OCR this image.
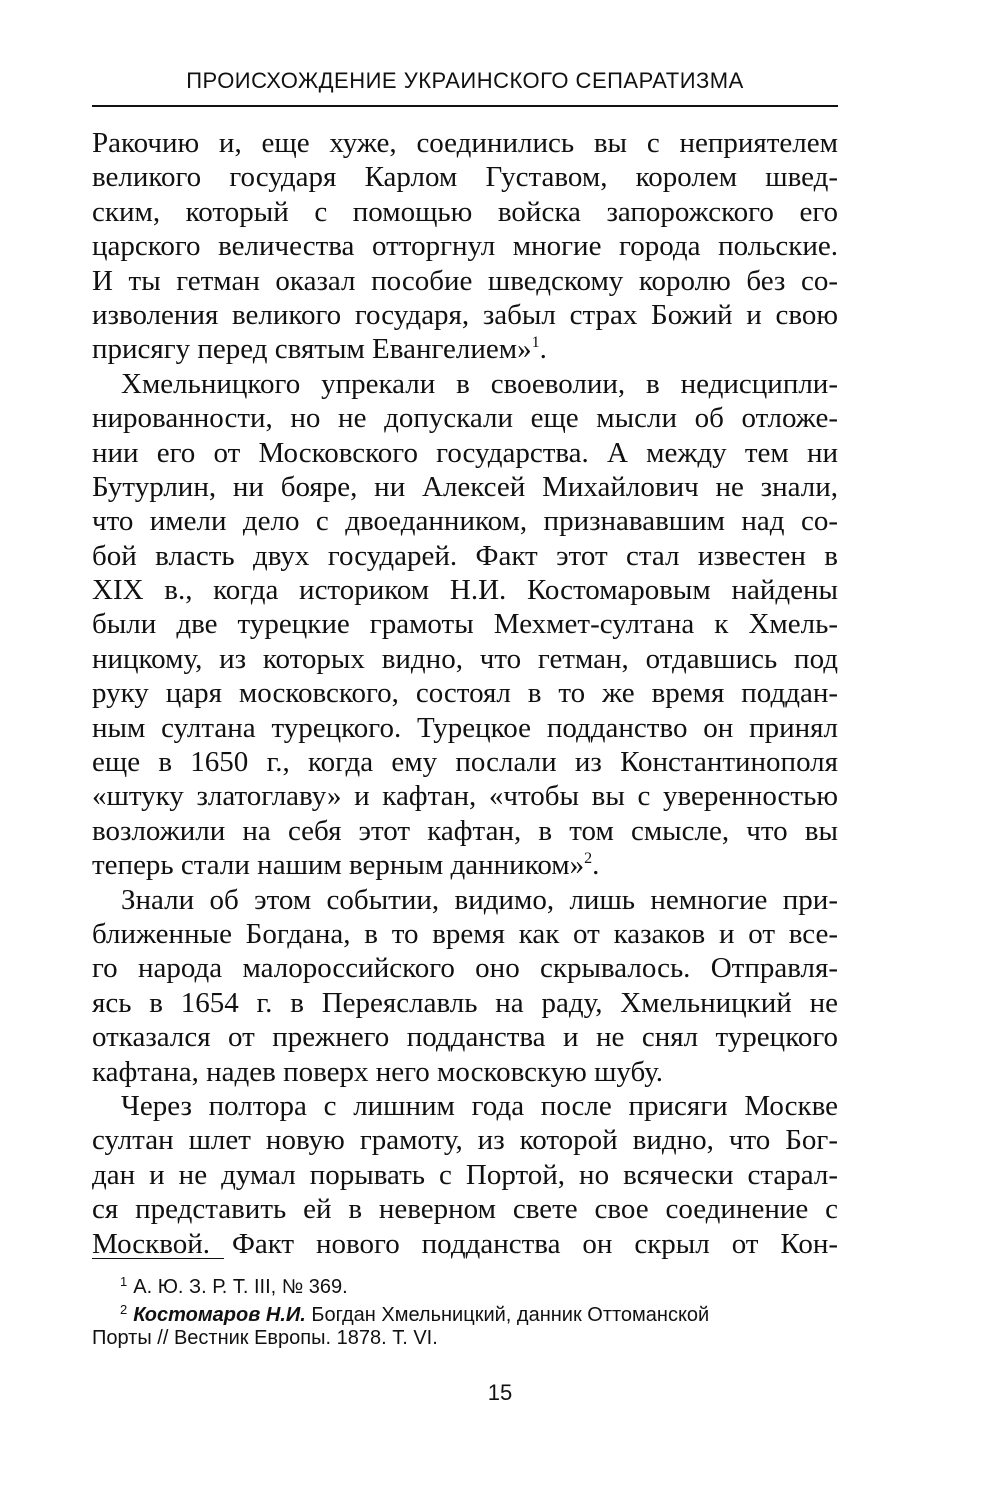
ПРОИСХОЖДЕНИЕ УКРАИНСКОГО СЕПАРАТИЗМА
Ракочию и, еще хуже, соединились вы с неприятелем
великого государя Карлом Густавом, королем швед-
ским, который с помощью войска запорожского его
царского величества отторгнул многие города польские.
И ты гетман оказал пособие шведскому королю без со-
изволения великого государя, забыл страх Божий и свою
присягу перед святым Евангелием»$^1$.
Хмельницкого упрекали в своеволии, в недисципли-
нированности, но не допускали еще мысли об отложе-
нии его от Московского государства. А между тем ни
Бутурлин, ни бояре, ни Алексей Михайлович не знали,
что имели дело с двоеданником, признававшим над со-
бой власть двух государей. Факт этот стал известен в
XIX в., когда историком Н.И. Костомаровым найдены
были две турецкие грамоты Мехмет-султана к Хмель-
ницкому, из которых видно, что гетман, отдавшись под
руку царя московского, состоял в то же время поддан-
ным султана турецкого. Турецкое подданство он принял
еще в 1650 г., когда ему послали из Константинополя
«штуку златоглаву» и кафтан, «чтобы вы с уверенностью
возложили на себя этот кафтан, в том смысле, что вы
теперь стали нашим верным данником»$^2$.
Знали об этом событии, видимо, лишь немногие при-
ближенные Богдана, в то время как от казаков и от все-
го народа малороссийского оно скрывалось. Отправля-
ясь в 1654 г. в Переяславль на раду, Хмельницкий не
отказался от прежнего подданства и не снял турецкого
кафтана, надев поверх него московскую шубу.
Через полтора с лишним года после присяги Москве
султан шлет новую грамоту, из которой видно, что Бог-
дан и не думал порывать с Портой, но всячески старал-
ся представить ей в неверном свете свое соединение с
Москвой. Факт нового подданства он скрыл от Кон-
$^1$ А. Ю. З. Р. Т. III, № 369.
$^2$ Костомаров Н.И. Богдан Хмельницкий, данник Оттоманской
Порты // Вестник Европы. 1878. Т. VI.
15
